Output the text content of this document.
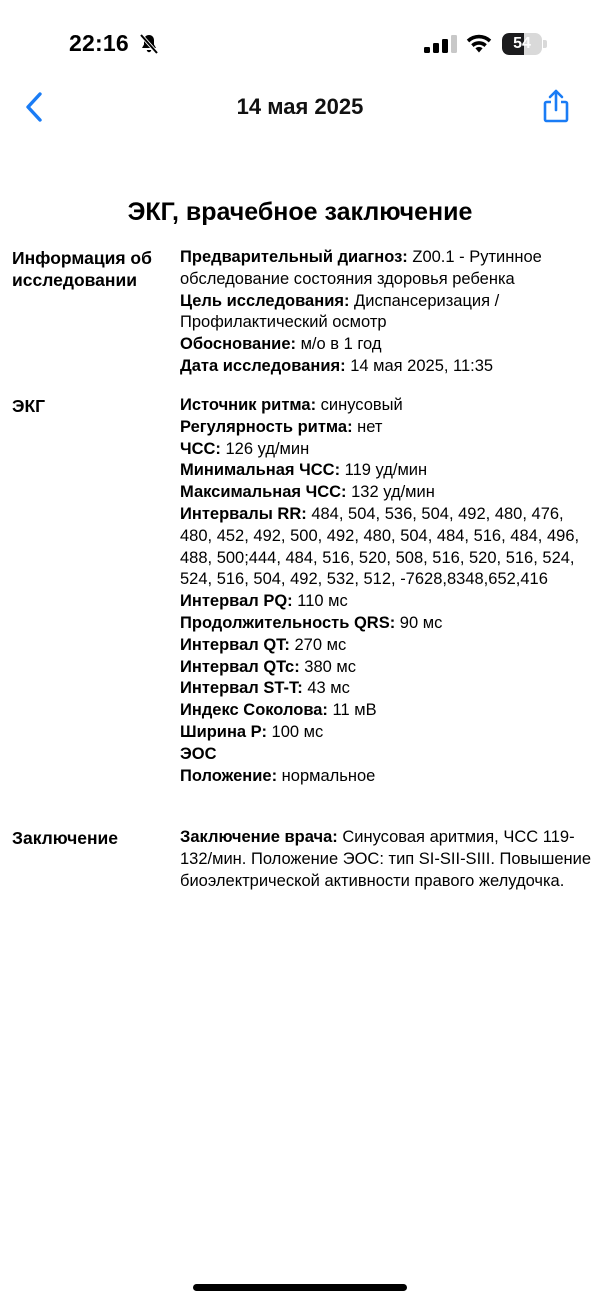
22:16	54
14 мая 2025
ЭКГ, врачебное заключение
Информация об исследовании
Предварительный диагноз: Z00.1 - Рутинное обследование состояния здоровья ребенка
Цель исследования: Диспансеризация / Профилактический осмотр
Обоснование: м/о в 1 год
Дата исследования: 14 мая 2025, 11:35
ЭКГ	Источник ритма: синусовый
Регулярность ритма: нет
ЧСС: 126 уд/мин
Минимальная ЧСС: 119 уд/мин
Максимальная ЧСС: 132 уд/мин
Интервалы RR: 484, 504, 536, 504, 492, 480, 476, 480, 452, 492, 500, 492, 480, 504, 484, 516, 484, 496, 488, 500;444, 484, 516, 520, 508, 516, 520, 516, 524, 524, 516, 504, 492, 532, 512, -7628,8348,652,416
Интервал PQ: 110 мс
Продолжительность QRS: 90 мс
Интервал QT: 270 мс
Интервал QTc: 380 мс
Интервал ST-T: 43 мс
Индекс Соколова: 11 мВ
Ширина Р: 100 мс
ЭОС
Положение: нормальное
Заключение	Заключение врача: Синусовая аритмия, ЧСС 119-132/мин. Положение ЭОС: тип SI-SII-SIII. Повышение биоэлектрической активности правого желудочка.
